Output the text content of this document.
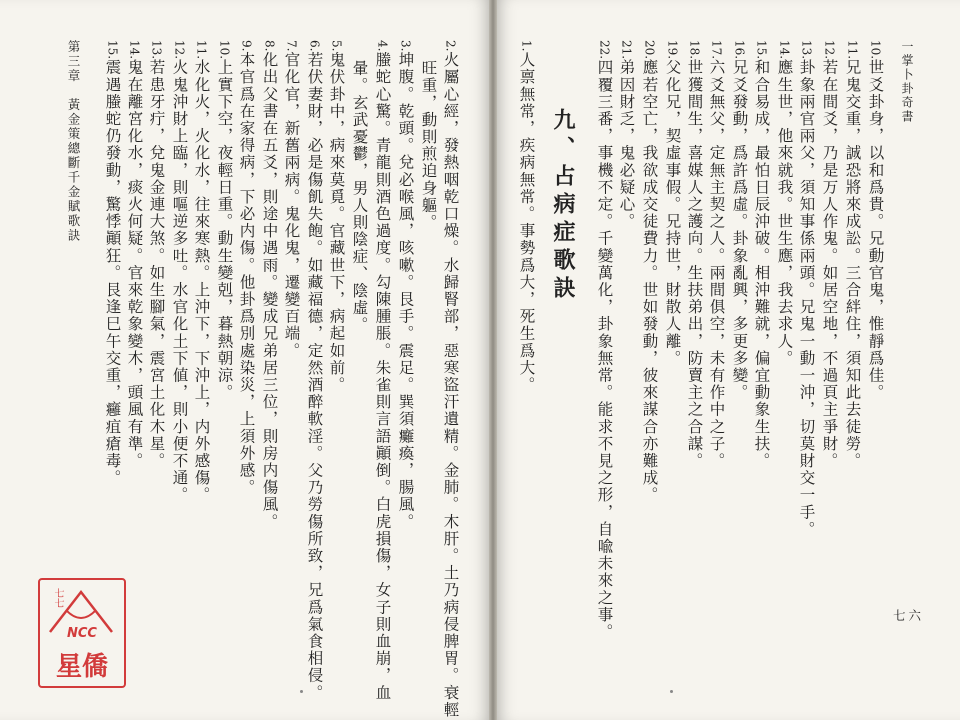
一掌卜卦奇書
七六
九、占病症歌訣
10.世爻卦身，以和爲貴。兄動官鬼，惟靜爲佳。
11.兄鬼交重，誠恐將來成訟。三合絆住，須知此去徒勞。
12.若在間爻，乃是万人作鬼。如居空地，不過頁主爭財。
13.卦象兩官兩父，須知事係兩頭。兄鬼一動一沖，切莫財交一手。
14.應生世，他來就我。世生應，我去求人。
15.和合易成，最怕日辰沖破。相沖難就，偏宜動象生扶。
16.兄爻發動，爲許爲虛。卦象亂興，多更多變。
17.六爻無父，定無主契之人。兩間俱空，未有作中之子。
18.世獲間生，喜媒人之護向。生扶弟出，防賣主之合謀。
19.父化兄，契虛事假。兄持世，財散人離。
20.應若空亡，我欲成交徒費力。世如發動，彼來謀合亦難成。
21.弟因財乏，鬼必疑心。
22.四覆三番，事機不定。千變萬化，卦象無常。能求不見之形，自喩未來之事。
1.人禀無常，疾病無常。事勢爲大，死生爲大。
旺重，動則煎迫身軀。
2.火屬心經，發熱咽乾口燥。水歸腎部，惡寒盜汗遺精。金肺。木肝。土乃病侵脾胃。衰輕
3.坤腹。乾頭。兌必喉風，咳嗽。艮手。震足。巽須癱瘓，腸風。
4.螣蛇心驚。青龍則酒色過度。勾陳腫脹。朱雀則言語顚倒。白虎損傷，女子則血崩，血
暈。玄武憂鬱，男人則陰症、陰虛。
5.鬼伏卦中，病來莫覓。官藏世下，病起如前。
6.若伏妻財，必是傷飢失飽。如藏福德，定然酒醉軟淫。父乃勞傷所致，兄爲氣食相侵。
7.官化官，新舊兩病。鬼化鬼，遷變百端。
8.化出父書在五爻，則途中遇雨。變成兄弟居三位，則房内傷風。
9.本官爲在家得病，下必内傷。他卦爲別處染災，上須外感。
10.上實下空，夜輕日重。動生變剋，暮熱朝涼。
11.水化火，火化水，往來寒熱。上沖下，下沖上，内外感傷。
12.火鬼沖財上臨，則嘔逆多吐。水官化土下値，則小便不通。
13.若患牙疔，兌鬼金連大煞。如生腳氣，震宮土化木星。
14.鬼在離宮化水，痰火何疑。官來乾象變木，頭風有準。
15.震遇螣蛇仍發動，驚悸顚狂。艮逢巳午交重，癰疽瘡毒。
第三章　黃金策總斷千金賦歌訣
七七
NCC
星僑
